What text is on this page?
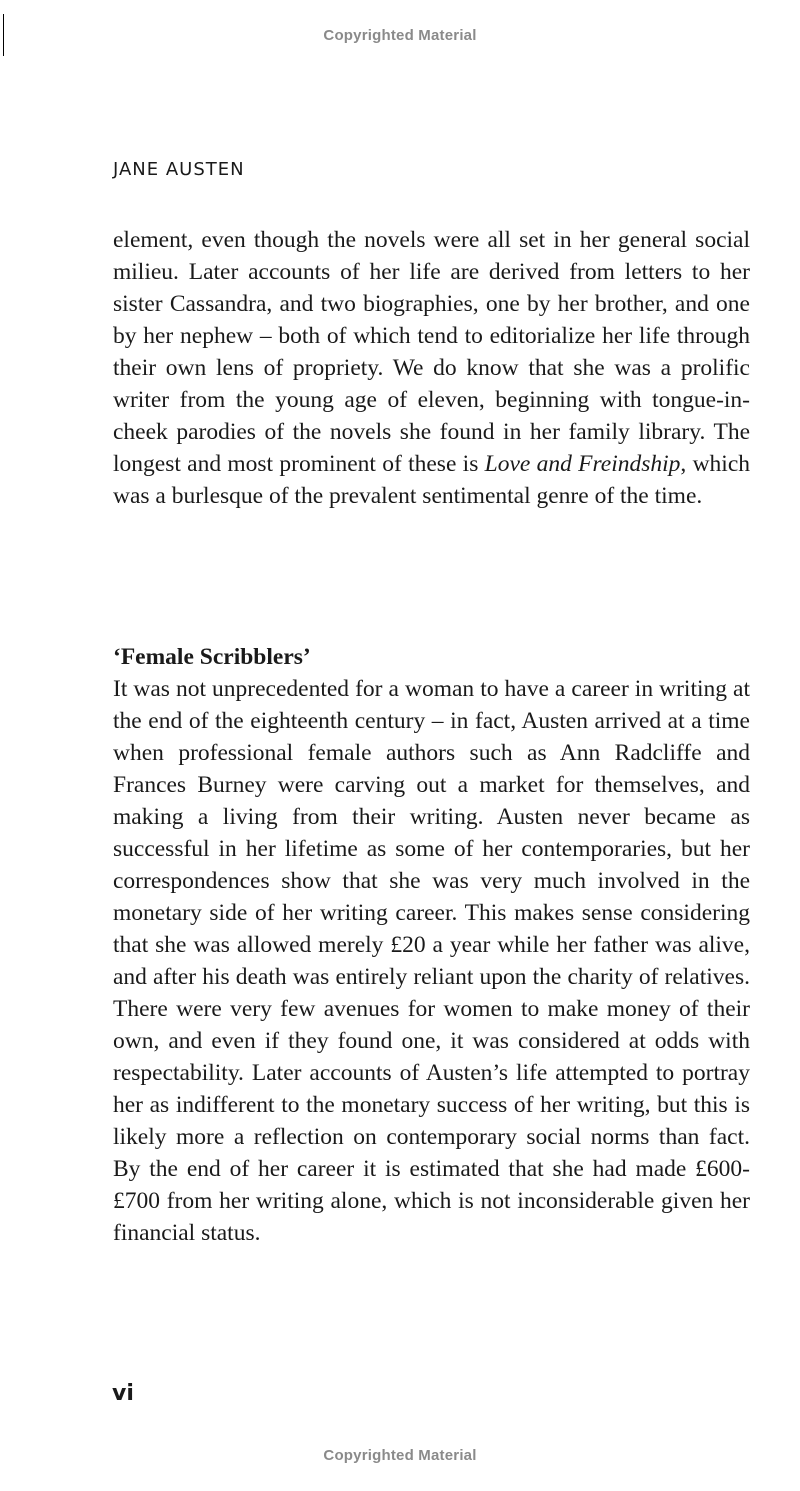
Copyrighted Material
JANE AUSTEN

element, even though the novels were all set in her general social milieu. Later accounts of her life are derived from letters to her sister Cassandra, and two biographies, one by her brother, and one by her nephew – both of which tend to editorialize her life through their own lens of propriety. We do know that she was a prolific writer from the young age of eleven, beginning with tongue-in-cheek parodies of the novels she found in her family library. The longest and most prominent of these is Love and Freindship, which was a burlesque of the prevalent sentimental genre of the time.

‘Female Scribblers’

It was not unprecedented for a woman to have a career in writing at the end of the eighteenth century – in fact, Austen arrived at a time when professional female authors such as Ann Radcliffe and Frances Burney were carving out a market for themselves, and making a living from their writing. Austen never became as successful in her lifetime as some of her contemporaries, but her correspondences show that she was very much involved in the monetary side of her writing career. This makes sense considering that she was allowed merely £20 a year while her father was alive, and after his death was entirely reliant upon the charity of relatives. There were very few avenues for women to make money of their own, and even if they found one, it was considered at odds with respectability. Later accounts of Austen’s life attempted to portray her as indifferent to the monetary success of her writing, but this is likely more a reflection on contemporary social norms than fact. By the end of her career it is estimated that she had made £600-£700 from her writing alone, which is not inconsiderable given her financial status.

vi
Copyrighted Material
